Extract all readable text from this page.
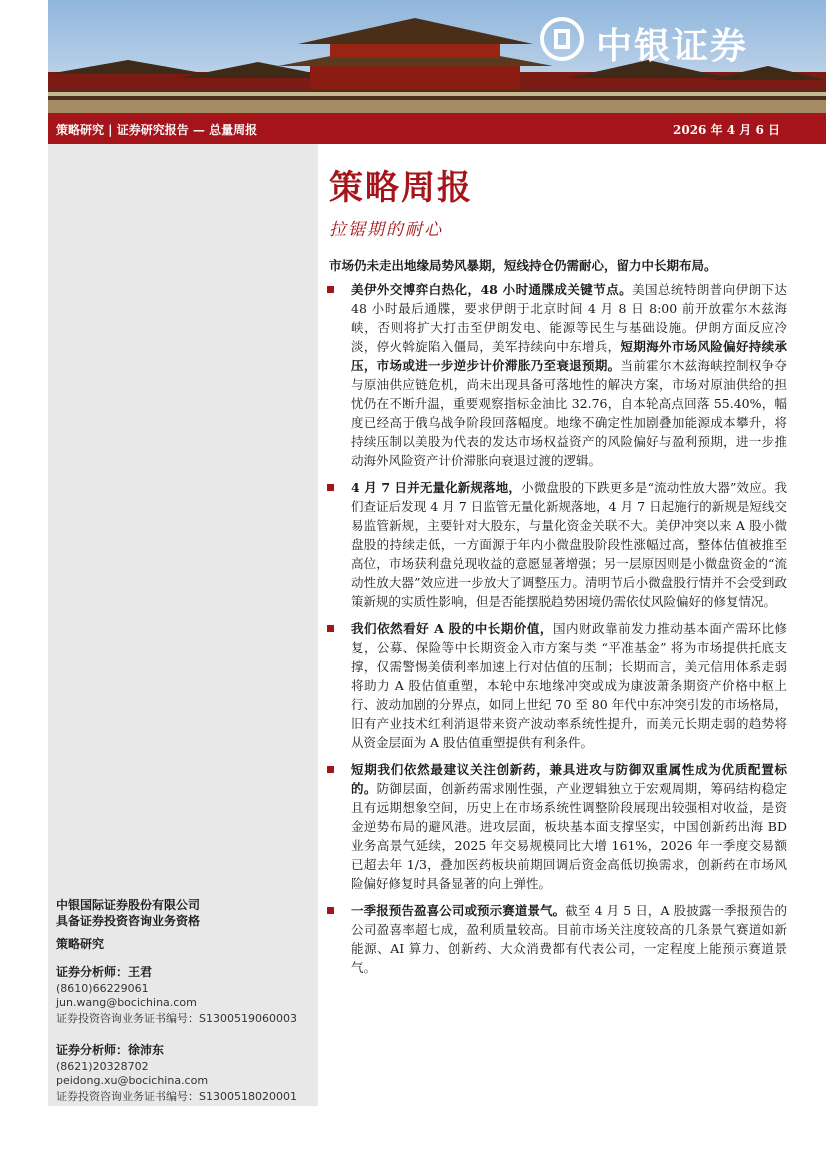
中银证券
策略研究 | 证券研究报告 — 总量周报	2026 年 4 月 6 日
策略周报
拉锯期的耐心
市场仍未走出地缘局势风暴期，短线持仓仍需耐心，留力中长期布局。
美伊外交博弈白热化，48 小时通牒成关键节点。美国总统特朗普向伊朗下达 48 小时最后通牒，要求伊朗于北京时间 4 月 8 日 8:00 前开放霍尔木兹海峡，否则将扩大打击至伊朗发电、能源等民生与基础设施。伊朗方面反应冷淡，停火斡旋陷入僵局，美军持续向中东增兵，短期海外市场风险偏好持续承压，市场或进一步逆步计价滞胀乃至衰退预期。当前霍尔木兹海峡控制权争夺与原油供应链危机，尚未出现具备可落地性的解决方案，市场对原油供给的担忧仍在不断升温，重要观察指标金油比 32.76，自本轮高点回落 55.40%，幅度已经高于俄乌战争阶段回落幅度。地缘不确定性加剧叠加能源成本攀升，将持续压制以美股为代表的发达市场权益资产的风险偏好与盈利预期，进一步推动海外风险资产计价滞胀向衰退过渡的逻辑。
4 月 7 日并无量化新规落地，小微盘股的下跌更多是“流动性放大器”效应。我们查证后发现 4 月 7 日监管无量化新规落地，4 月 7 日起施行的新规是短线交易监管新规，主要针对大股东，与量化资金关联不大。美伊冲突以来 A 股小微盘股的持续走低，一方面源于年内小微盘股阶段性涨幅过高，整体估值被推至高位，市场获利盘兑现收益的意愿显著增强；另一层原因则是小微盘资金的“流动性放大器”效应进一步放大了调整压力。清明节后小微盘股行情并不会受到政策新规的实质性影响，但是否能摆脱趋势困境仍需依仗风险偏好的修复情况。
我们依然看好 A 股的中长期价值，国内财政靠前发力推动基本面产需环比修复，公募、保险等中长期资金入市方案与类 “平准基金” 将为市场提供托底支撑，仅需警惕美债利率加速上行对估值的压制；长期而言，美元信用体系走弱将助力 A 股估值重塑，本轮中东地缘冲突或成为康波萧条期资产价格中枢上行、波动加剧的分界点，如同上世纪 70 至 80 年代中东冲突引发的市场格局，旧有产业技术红利消退带来资产波动率系统性提升，而美元长期走弱的趋势将从资金层面为 A 股估值重塑提供有利条件。
短期我们依然最建议关注创新药，兼具进攻与防御双重属性成为优质配置标的。防御层面，创新药需求刚性强，产业逻辑独立于宏观周期，筹码结构稳定且有远期想象空间，历史上在市场系统性调整阶段展现出较强相对收益，是资金逆势布局的避风港。进攻层面，板块基本面支撑坚实，中国创新药出海 BD 业务高景气延续，2025 年交易规模同比大增 161%，2026 年一季度交易额已超去年 1/3，叠加医药板块前期回调后资金高低切换需求，创新药在市场风险偏好修复时具备显著的向上弹性。
一季报预告盈喜公司或预示赛道景气。截至 4 月 5 日，A 股披露一季报预告的公司盈喜率超七成，盈利质量较高。目前市场关注度较高的几条景气赛道如新能源、AI 算力、创新药、大众消费都有代表公司，一定程度上能预示赛道景气。
中银国际证券股份有限公司
具备证券投资咨询业务资格
策略研究
证券分析师：王君
(8610)66229061
jun.wang@bocichina.com
证券投资咨询业务证书编号：S1300519060003
证券分析师：徐沛东
(8621)20328702
peidong.xu@bocichina.com
证券投资咨询业务证书编号：S1300518020001
